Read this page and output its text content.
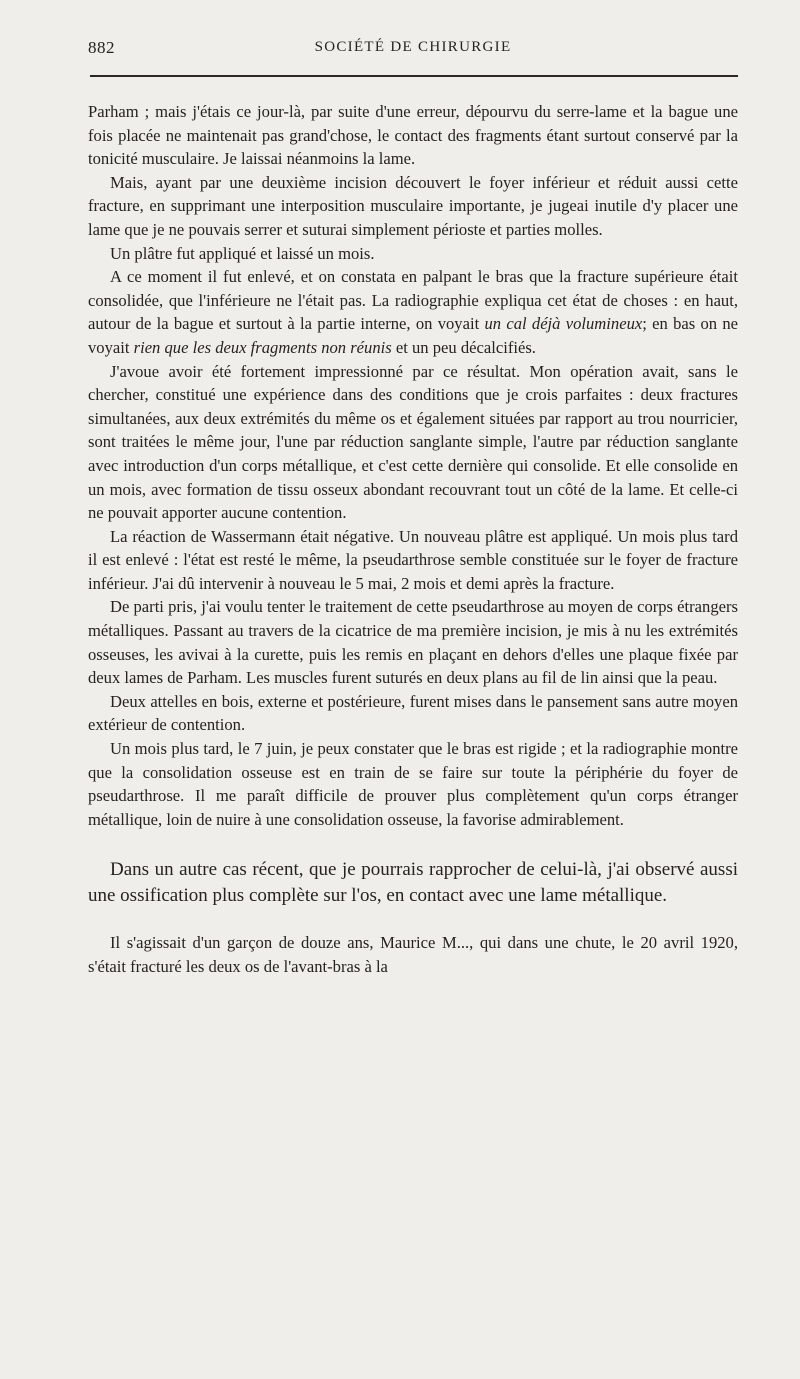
882	SOCIÉTÉ DE CHIRURGIE

Parham ; mais j'étais ce jour-là, par suite d'une erreur, dépourvu du serre-lame et la bague une fois placée ne maintenait pas grand'chose, le contact des fragments étant surtout conservé par la tonicité musculaire. Je laissai néanmoins la lame.

Mais, ayant par une deuxième incision découvert le foyer inférieur et réduit aussi cette fracture, en supprimant une interposition musculaire importante, je jugeai inutile d'y placer une lame que je ne pouvais serrer et suturai simplement périoste et parties molles.

Un plâtre fut appliqué et laissé un mois.

A ce moment il fut enlevé, et on constata en palpant le bras que la fracture supérieure était consolidée, que l'inférieure ne l'était pas. La radiographie expliqua cet état de choses : en haut, autour de la bague et surtout à la partie interne, on voyait un cal déjà volumineux; en bas on ne voyait rien que les deux fragments non réunis et un peu décalcifiés.

J'avoue avoir été fortement impressionné par ce résultat. Mon opération avait, sans le chercher, constitué une expérience dans des conditions que je crois parfaites : deux fractures simultanées, aux deux extrémités du même os et également situées par rapport au trou nourricier, sont traitées le même jour, l'une par réduction sanglante simple, l'autre par réduction sanglante avec introduction d'un corps métallique, et c'est cette dernière qui consolide. Et elle consolide en un mois, avec formation de tissu osseux abondant recouvrant tout un côté de la lame. Et celle-ci ne pouvait apporter aucune contention.

La réaction de Wassermann était négative. Un nouveau plâtre est appliqué. Un mois plus tard il est enlevé : l'état est resté le même, la pseudarthrose semble constituée sur le foyer de fracture inférieur. J'ai dû intervenir à nouveau le 5 mai, 2 mois et demi après la fracture.

De parti pris, j'ai voulu tenter le traitement de cette pseudarthrose au moyen de corps étrangers métalliques. Passant au travers de la cicatrice de ma première incision, je mis à nu les extrémités osseuses, les avivai à la curette, puis les remis en plaçant en dehors d'elles une plaque fixée par deux lames de Parham. Les muscles furent suturés en deux plans au fil de lin ainsi que la peau.

Deux attelles en bois, externe et postérieure, furent mises dans le pansement sans autre moyen extérieur de contention.

Un mois plus tard, le 7 juin, je peux constater que le bras est rigide ; et la radiographie montre que la consolidation osseuse est en train de se faire sur toute la périphérie du foyer de pseudarthrose. Il me paraît difficile de prouver plus complètement qu'un corps étranger métallique, loin de nuire à une consolidation osseuse, la favorise admirablement.

Dans un autre cas récent, que je pourrais rapprocher de celui-là, j'ai observé aussi une ossification plus complète sur l'os, en contact avec une lame métallique.

Il s'agissait d'un garçon de douze ans, Maurice M..., qui dans une chute, le 20 avril 1920, s'était fracturé les deux os de l'avant-bras à la
